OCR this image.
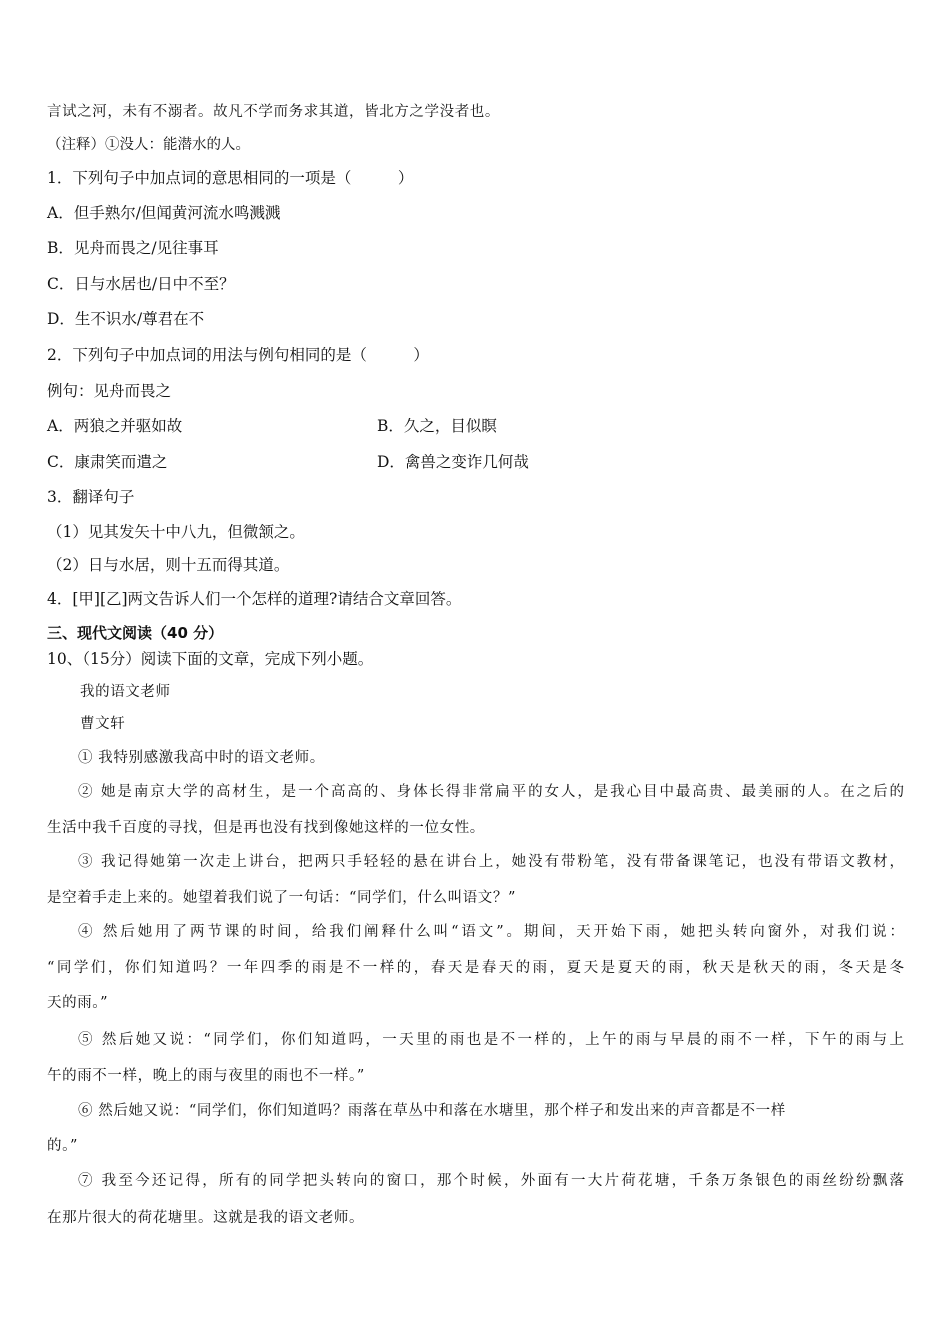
言试之河，未有不溺者。故凡不学而务求其道，皆北方之学没者也。
（注释）①没人：能潜水的人。
1．下列句子中加点词的意思相同的一项是（　　　）
A．但手熟尔/但闻黄河流水鸣溅溅
B．见舟而畏之/见往事耳
C．日与水居也/日中不至？
D．生不识水/尊君在不
2．下列句子中加点词的用法与例句相同的是（　　　）
例句：见舟而畏之
A．两狼之并驱如故	B．久之，目似瞑
C．康肃笑而遣之	D．禽兽之变诈几何哉
3．翻译句子
（1）见其发矢十中八九，但微颔之。
（2）日与水居，则十五而得其道。
4．[甲][乙]两文告诉人们一个怎样的道理?请结合文章回答。
三、现代文阅读（40 分）
10、（15分）阅读下面的文章，完成下列小题。
我的语文老师
曹文轩
① 我特别感激我高中时的语文老师。
② 她是南京大学的高材生，是一个高高的、身体长得非常扁平的女人，是我心目中最高贵、最美丽的人。在之后的
生活中我千百度的寻找，但是再也没有找到像她这样的一位女性。
③ 我记得她第一次走上讲台，把两只手轻轻的悬在讲台上，她没有带粉笔，没有带备课笔记，也没有带语文教材，
是空着手走上来的。她望着我们说了一句话：“同学们，什么叫语文？”
④ 然后她用了两节课的时间，给我们阐释什么叫“语文”。期间，天开始下雨，她把头转向窗外，对我们说：
“同学们，你们知道吗？一年四季的雨是不一样的，春天是春天的雨，夏天是夏天的雨，秋天是秋天的雨，冬天是冬
天的雨。”
⑤ 然后她又说：“同学们，你们知道吗，一天里的雨也是不一样的，上午的雨与早晨的雨不一样，下午的雨与上
午的雨不一样，晚上的雨与夜里的雨也不一样。”
⑥ 然后她又说：“同学们，你们知道吗？雨落在草丛中和落在水塘里，那个样子和发出来的声音都是不一样
的。”
⑦ 我至今还记得，所有的同学把头转向的窗口，那个时候，外面有一大片荷花塘，千条万条银色的雨丝纷纷飘落
在那片很大的荷花塘里。这就是我的语文老师。
